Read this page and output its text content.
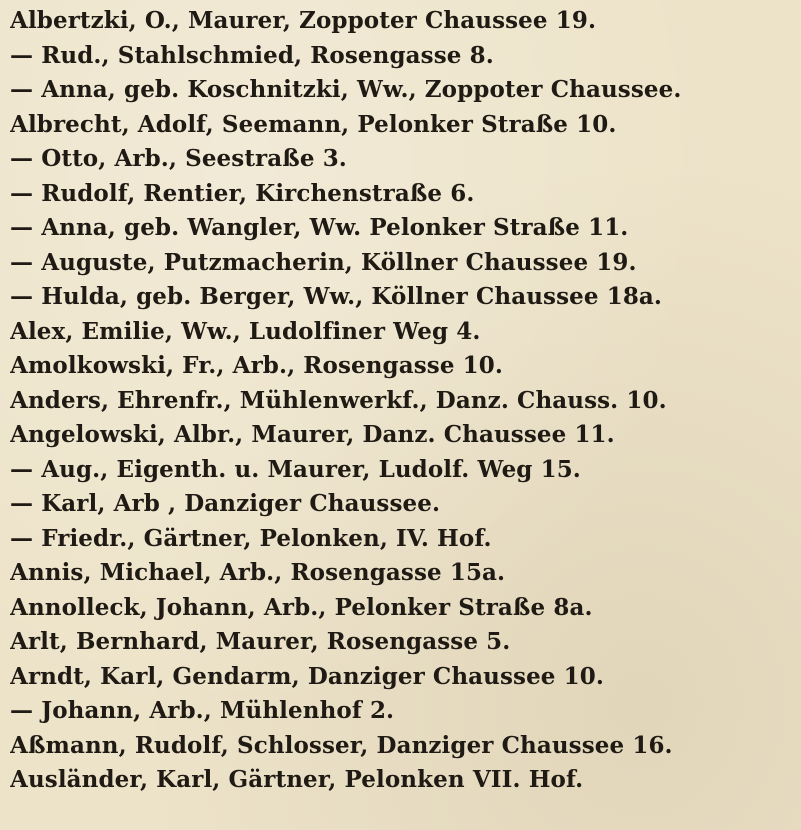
Albertzki, O., Maurer, Zoppoter Chaussee 19.
— Rud., Stahlschmied, Rosengasse 8.
— Anna, geb. Koschnitzki, Ww., Zoppoter Chaussee.
Albrecht, Adolf, Seemann, Pelonker Straße 10.
— Otto, Arb., Seestraße 3.
— Rudolf, Rentier, Kirchenstraße 6.
— Anna, geb. Wangler, Ww. Pelonker Straße 11.
— Auguste, Putzmacherin, Köllner Chaussee 19.
— Hulda, geb. Berger, Ww., Köllner Chaussee 18a.
Alex, Emilie, Ww., Ludolfiner Weg 4.
Amolkowski, Fr., Arb., Rosengasse 10.
Anders, Ehrenfr., Mühlenwerkf., Danz. Chauss. 10.
Angelowski, Albr., Maurer, Danz. Chaussee 11.
— Aug., Eigenth. u. Maurer, Ludolf. Weg 15.
— Karl, Arb , Danziger Chaussee.
— Friedr., Gärtner, Pelonken, IV. Hof.
Annis, Michael, Arb., Rosengasse 15a.
Annolleck, Johann, Arb., Pelonker Straße 8a.
Arlt, Bernhard, Maurer, Rosengasse 5.
Arndt, Karl, Gendarm, Danziger Chaussee 10.
— Johann, Arb., Mühlenhof 2.
Aßmann, Rudolf, Schlosser, Danziger Chaussee 16.
Ausländer, Karl, Gärtner, Pelonken VII. Hof.
